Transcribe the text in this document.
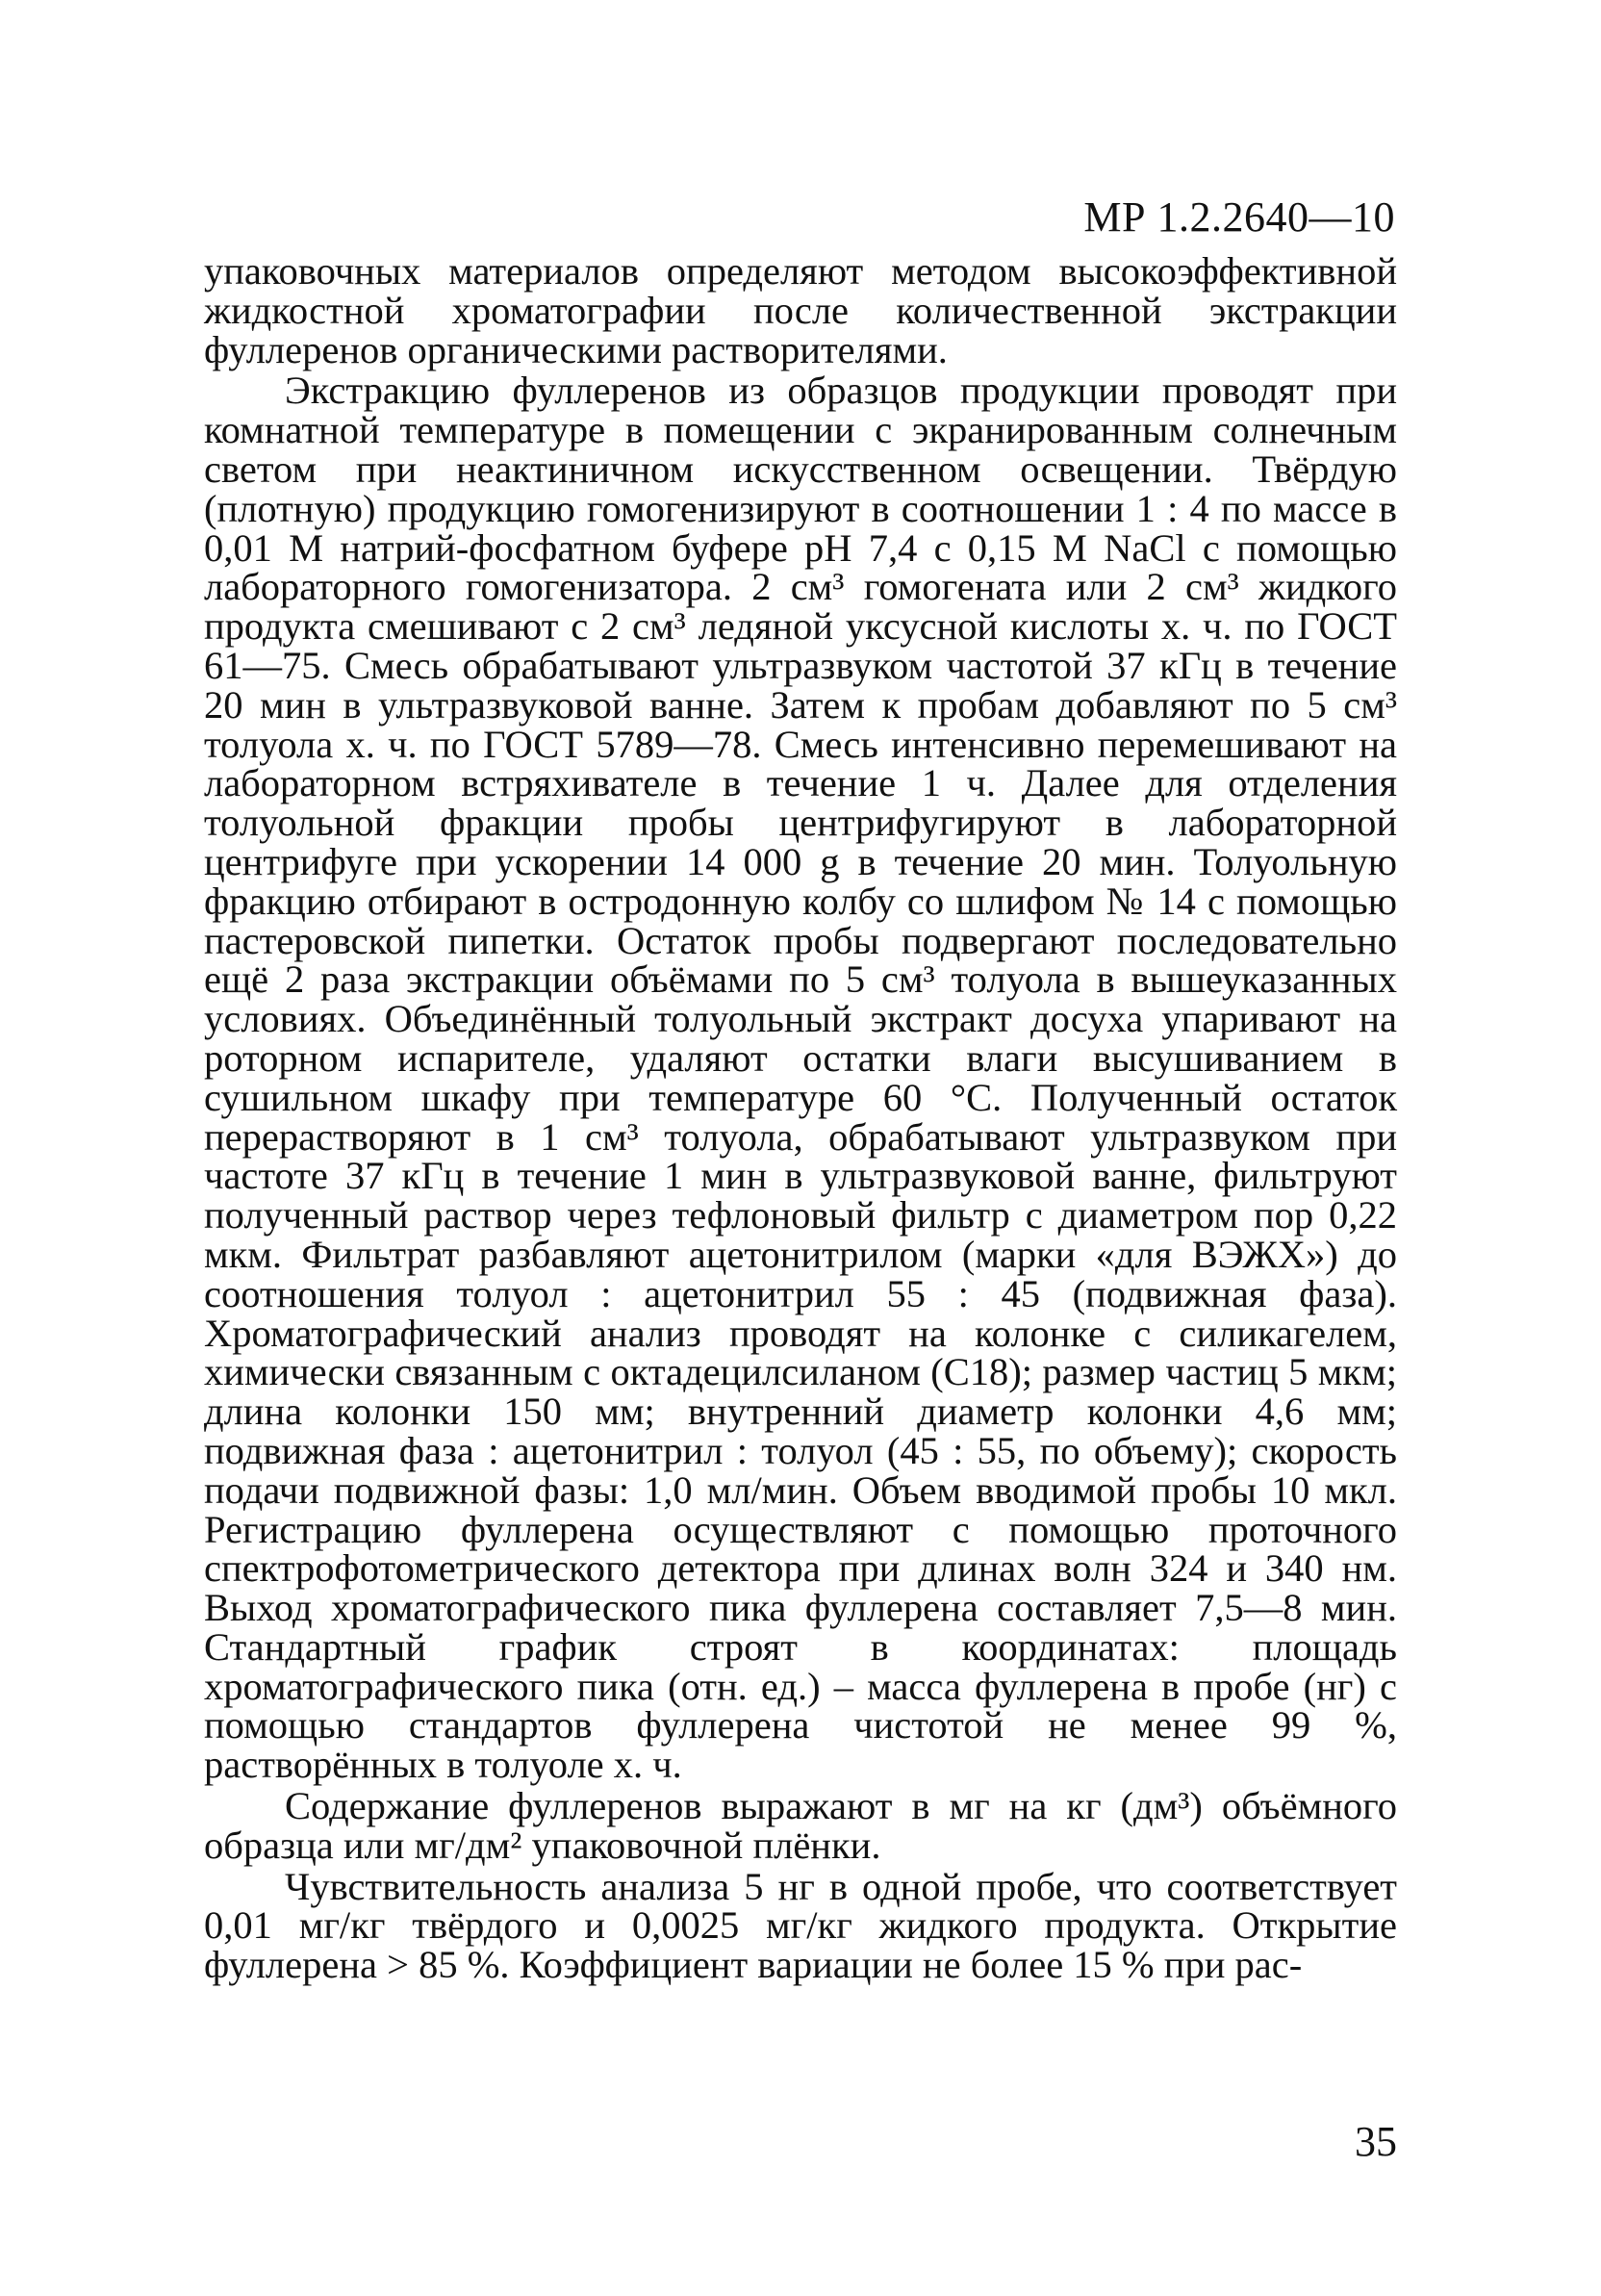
МР 1.2.2640—10

упаковочных материалов определяют методом высокоэффективной жидкостной хроматографии после количественной экстракции фуллеренов органическими растворителями.

Экстракцию фуллеренов из образцов продукции проводят при комнатной температуре в помещении с экранированным солнечным светом при неактиничном искусственном освещении. Твёрдую (плотную) продукцию гомогенизируют в соотношении 1 : 4 по массе в 0,01 М натрий-фосфатном буфере pH 7,4 с 0,15 М NaCl с помощью лабораторного гомогенизатора. 2 см³ гомогената или 2 см³ жидкого продукта смешивают с 2 см³ ледяной уксусной кислоты х. ч. по ГОСТ 61—75. Смесь обрабатывают ультразвуком частотой 37 кГц в течение 20 мин в ультразвуковой ванне. Затем к пробам добавляют по 5 см³ толуола х. ч. по ГОСТ 5789—78. Смесь интенсивно перемешивают на лабораторном встряхивателе в течение 1 ч. Далее для отделения толуольной фракции пробы центрифугируют в лабораторной центрифуге при ускорении 14 000 g в течение 20 мин. Толуольную фракцию отбирают в остродонную колбу со шлифом № 14 с помощью пастеровской пипетки. Остаток пробы подвергают последовательно ещё 2 раза экстракции объёмами по 5 см³ толуола в вышеуказанных условиях. Объединённый толуольный экстракт досуха упаривают на роторном испарителе, удаляют остатки влаги высушиванием в сушильном шкафу при температуре 60 °С. Полученный остаток перерастворяют в 1 см³ толуола, обрабатывают ультразвуком при частоте 37 кГц в течение 1 мин в ультразвуковой ванне, фильтруют полученный раствор через тефлоновый фильтр с диаметром пор 0,22 мкм. Фильтрат разбавляют ацетонитрилом (марки «для ВЭЖХ») до соотношения толуол : ацетонитрил 55 : 45 (подвижная фаза). Хроматографический анализ проводят на колонке с силикагелем, химически связанным с октадецилсиланом (С18); размер частиц 5 мкм; длина колонки 150 мм; внутренний диаметр колонки 4,6 мм; подвижная фаза : ацетонитрил : толуол (45 : 55, по объему); скорость подачи подвижной фазы: 1,0 мл/мин. Объем вводимой пробы 10 мкл. Регистрацию фуллерена осуществляют с помощью проточного спектрофотометрического детектора при длинах волн 324 и 340 нм. Выход хроматографического пика фуллерена составляет 7,5—8 мин. Стандартный график строят в координатах: площадь хроматографического пика (отн. ед.) – масса фуллерена в пробе (нг) с помощью стандартов фуллерена чистотой не менее 99 %, растворённых в толуоле х. ч.

Содержание фуллеренов выражают в мг на кг (дм³) объёмного образца или мг/дм² упаковочной плёнки.

Чувствительность анализа 5 нг в одной пробе, что соответствует 0,01 мг/кг твёрдого и 0,0025 мг/кг жидкого продукта. Открытие фуллерена > 85 %. Коэффициент вариации не более 15 % при рас-

35
